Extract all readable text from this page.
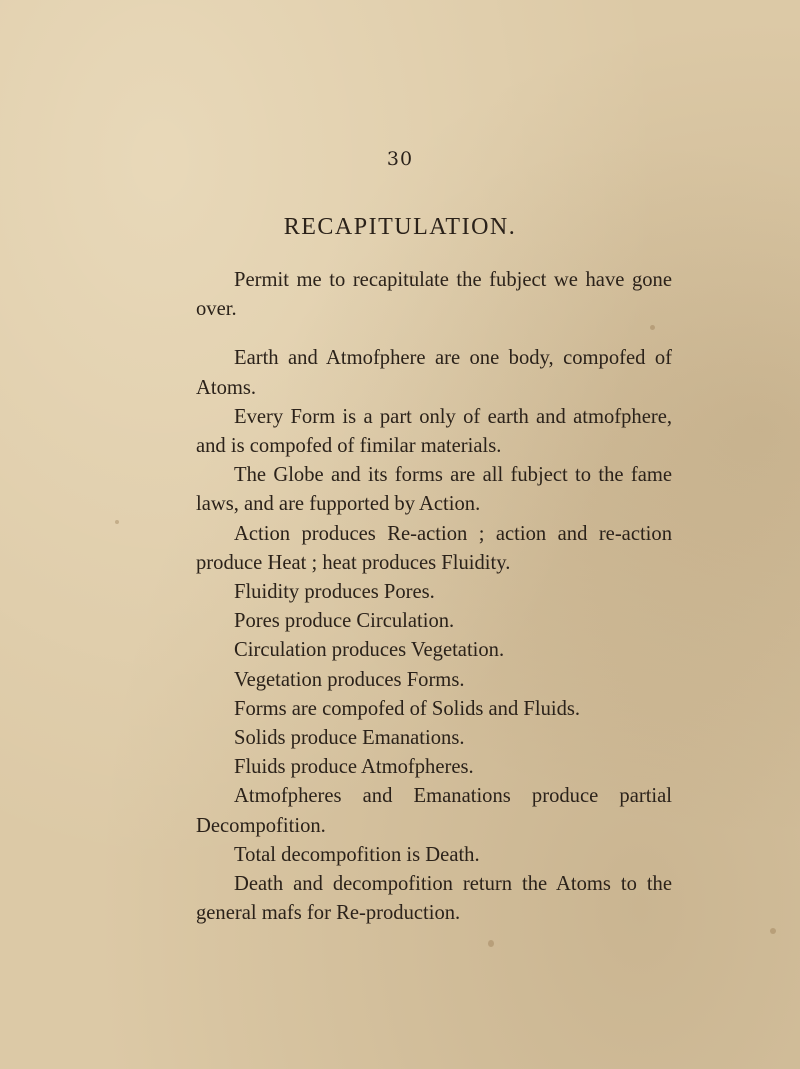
30
RECAPITULATION.

Permit me to recapitulate the fubject we have gone over.

Earth and Atmofphere are one body, compofed of Atoms.

Every Form is a part only of earth and atmofphere, and is compofed of fimilar materials.

The Globe and its forms are all fubject to the fame laws, and are fupported by Action.

Action produces Re-action ; action and re-action produce Heat ; heat produces Fluidity.

Fluidity produces Pores.

Pores produce Circulation.

Circulation produces Vegetation.

Vegetation produces Forms.

Forms are compofed of Solids and Fluids.

Solids produce Emanations.

Fluids produce Atmofpheres.

Atmofpheres and Emanations produce partial Decompofition.

Total decompofition is Death.

Death and decompofition return the Atoms to the general mafs for Re-production.
